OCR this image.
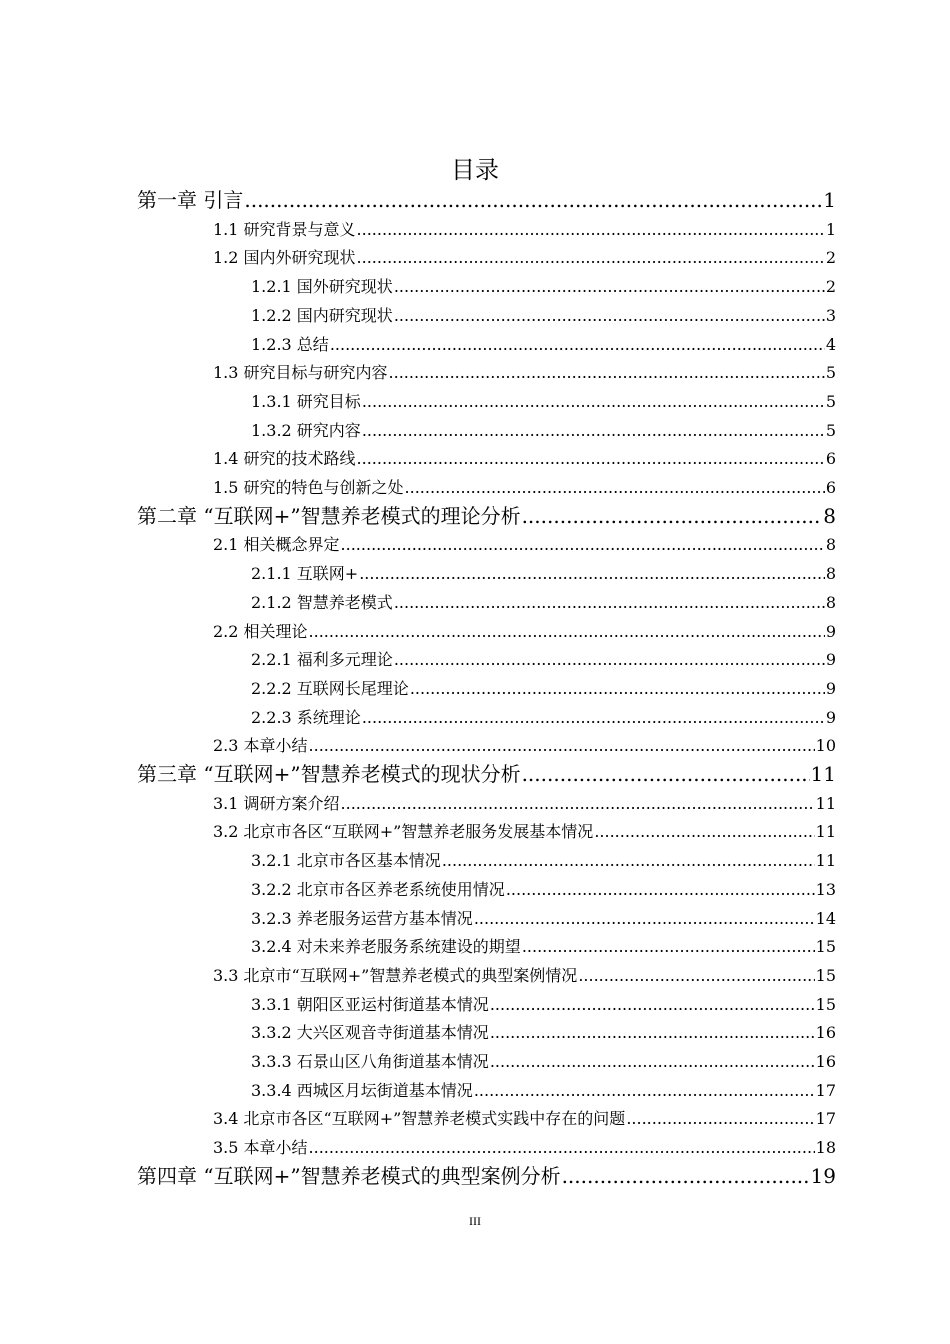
目录
第一章 引言 .....	1
1.1 研究背景与意义 .....	1
1.2 国内外研究现状 .....	2
1.2.1 国外研究现状 .....	2
1.2.2 国内研究现状 .....	3
1.2.3 总结 .....	4
1.3 研究目标与研究内容 .....	5
1.3.1 研究目标 .....	5
1.3.2 研究内容 .....	5
1.4 研究的技术路线 .....	6
1.5 研究的特色与创新之处 .....	6
第二章 “互联网+”智慧养老模式的理论分析 .....	8
2.1 相关概念界定 .....	8
2.1.1 互联网+ .....	8
2.1.2 智慧养老模式 .....	8
2.2 相关理论 .....	9
2.2.1 福利多元理论 .....	9
2.2.2 互联网长尾理论 .....	9
2.2.3 系统理论 .....	9
2.3 本章小结 .....	10
第三章 “互联网+”智慧养老模式的现状分析 .....	11
3.1 调研方案介绍 .....	11
3.2 北京市各区“互联网+”智慧养老服务发展基本情况 .....	11
3.2.1 北京市各区基本情况 .....	11
3.2.2 北京市各区养老系统使用情况 .....	13
3.2.3 养老服务运营方基本情况 .....	14
3.2.4 对未来养老服务系统建设的期望 .....	15
3.3 北京市“互联网+”智慧养老模式的典型案例情况 .....	15
3.3.1 朝阳区亚运村街道基本情况 .....	15
3.3.2 大兴区观音寺街道基本情况 .....	16
3.3.3 石景山区八角街道基本情况 .....	16
3.3.4 西城区月坛街道基本情况 .....	17
3.4 北京市各区“互联网+”智慧养老模式实践中存在的问题 .....	17
3.5 本章小结 .....	18
第四章 “互联网+”智慧养老模式的典型案例分析 .....	19
III
